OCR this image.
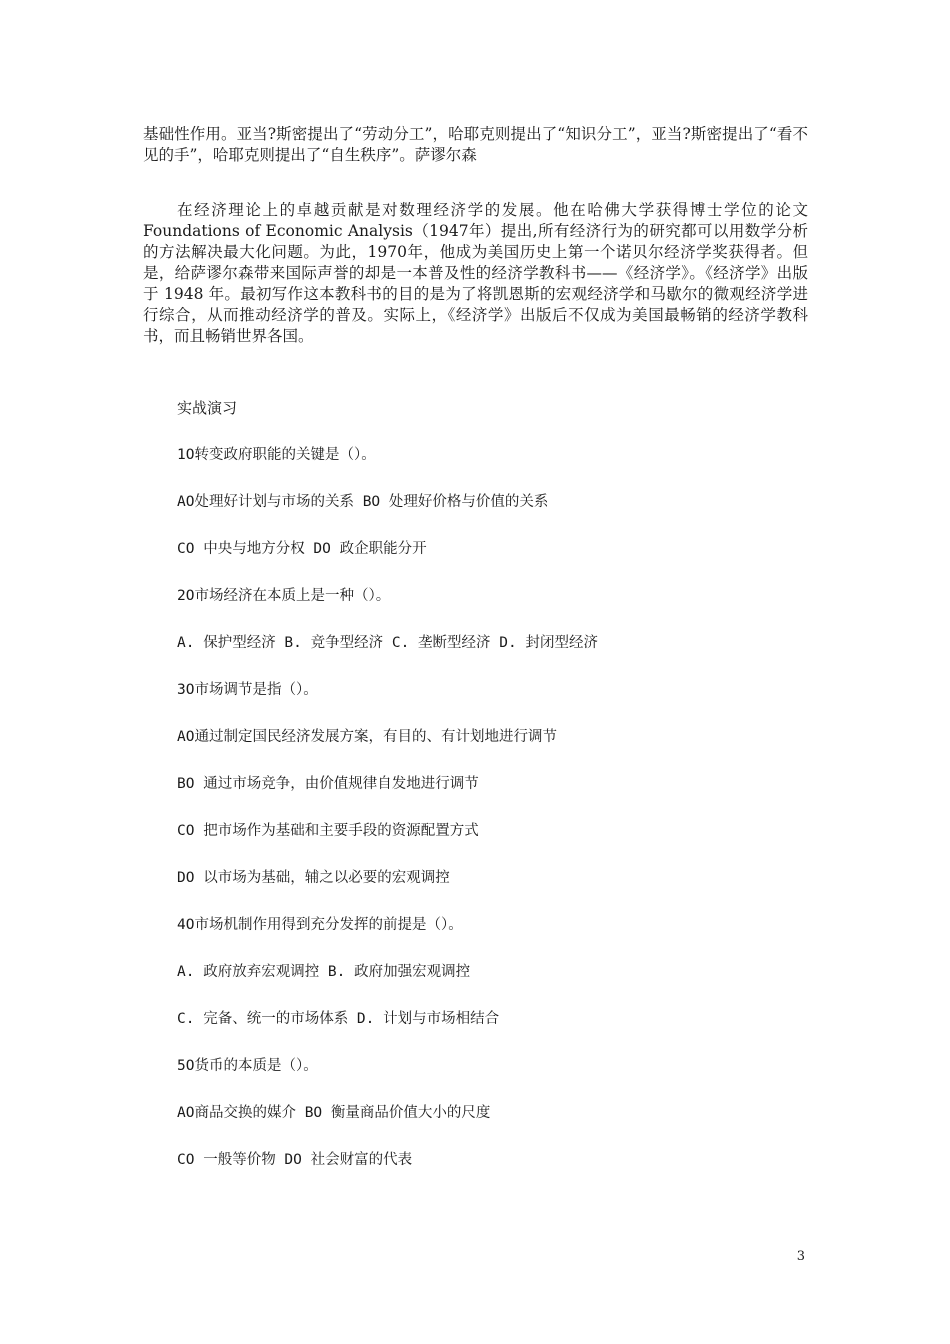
基础性作用。亚当?斯密提出了“劳动分工”，哈耶克则提出了“知识分工”，亚当?斯密提出了“看不见的手”，哈耶克则提出了“自生秩序”。萨谬尔森

在经济理论上的卓越贡献是对数理经济学的发展。他在哈佛大学获得博士学位的论文 Foundations of Economic Analysis（1947年）提出,所有经济行为的研究都可以用数学分析的方法解决最大化问题。为此，1970年，他成为美国历史上第一个诺贝尔经济学奖获得者。但是，给萨谬尔森带来国际声誉的却是一本普及性的经济学教科书——《经济学》。《经济学》出版于 1948 年。最初写作这本教科书的目的是为了将凯恩斯的宏观经济学和马歇尔的微观经济学进行综合，从而推动经济学的普及。实际上，《经济学》出版后不仅成为美国最畅销的经济学教科书，而且畅销世界各国。

实战演习

1О转变政府职能的关键是（）。

AО处理好计划与市场的关系 BО 处理好价格与价值的关系

CО 中央与地方分权 DО 政企职能分开

2О市场经济在本质上是一种（）。

A. 保护型经济 B. 竞争型经济 C. 垄断型经济 D. 封闭型经济

3О市场调节是指（）。

AО通过制定国民经济发展方案，有目的、有计划地进行调节

BО 通过市场竞争，由价值规律自发地进行调节

CО 把市场作为基础和主要手段的资源配置方式

DО 以市场为基础，辅之以必要的宏观调控

4О市场机制作用得到充分发挥的前提是（）。

A. 政府放弃宏观调控 B. 政府加强宏观调控

C. 完备、统一的市场体系 D. 计划与市场相结合

5О货币的本质是（）。

AО商品交换的媒介 BО 衡量商品价值大小的尺度

CО 一般等价物 DО 社会财富的代表

3
